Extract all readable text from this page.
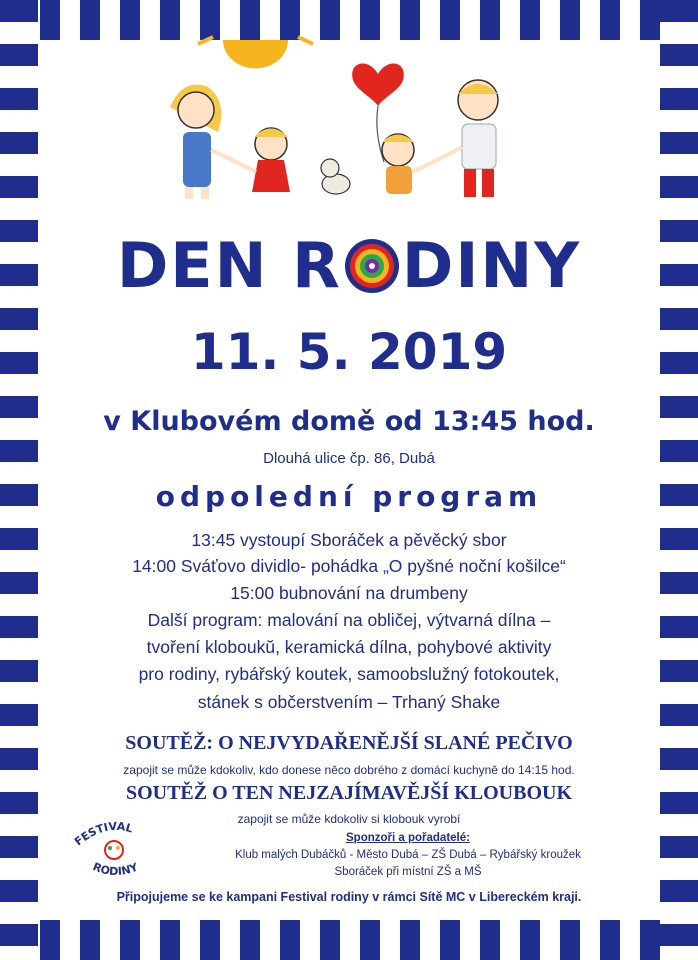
DEN R DINY
11. 5. 2019
v Klubovém domě od 13:45 hod.
Dlouhá ulice čp. 86, Dubá
odpolední program
13:45 vystoupí Sboráček a pěvěcký sbor
14:00 Sváťovo dividlo- pohádka „O pyšné noční košilce“
15:00 bubnování na drumbeny
Další program: malování na obličej, výtvarná dílna –
tvoření kloboukŭ, keramická dílna, pohybové aktivity
pro rodiny, rybářský koutek, samoobslužný fotokoutek,
stánek s občerstvením – Trhaný Shake
SOUTĚŽ: O NEJVYDAŘENĚJŠÍ SLANÉ PEČIVO
zapojit se může kdokoliv, kdo donese něco dobrého z domácí kuchyně do 14:15 hod.
SOUTĚŽ O TEN NEJZAJÍMAVĚJŠÍ KLOUBOUK
zapojit se může kdokoliv si klobouk vyrobí
FESTIVAL
RODINY
Sponzoři a pořadatelé:
Klub malých Dubáčků - Město Dubá – ZŠ Dubá – Rybářský kroužek
Sboráček při místní ZŠ a MŠ
Připojujeme se ke kampani Festival rodiny v rámci Sítě MC v Libereckém kraji.
